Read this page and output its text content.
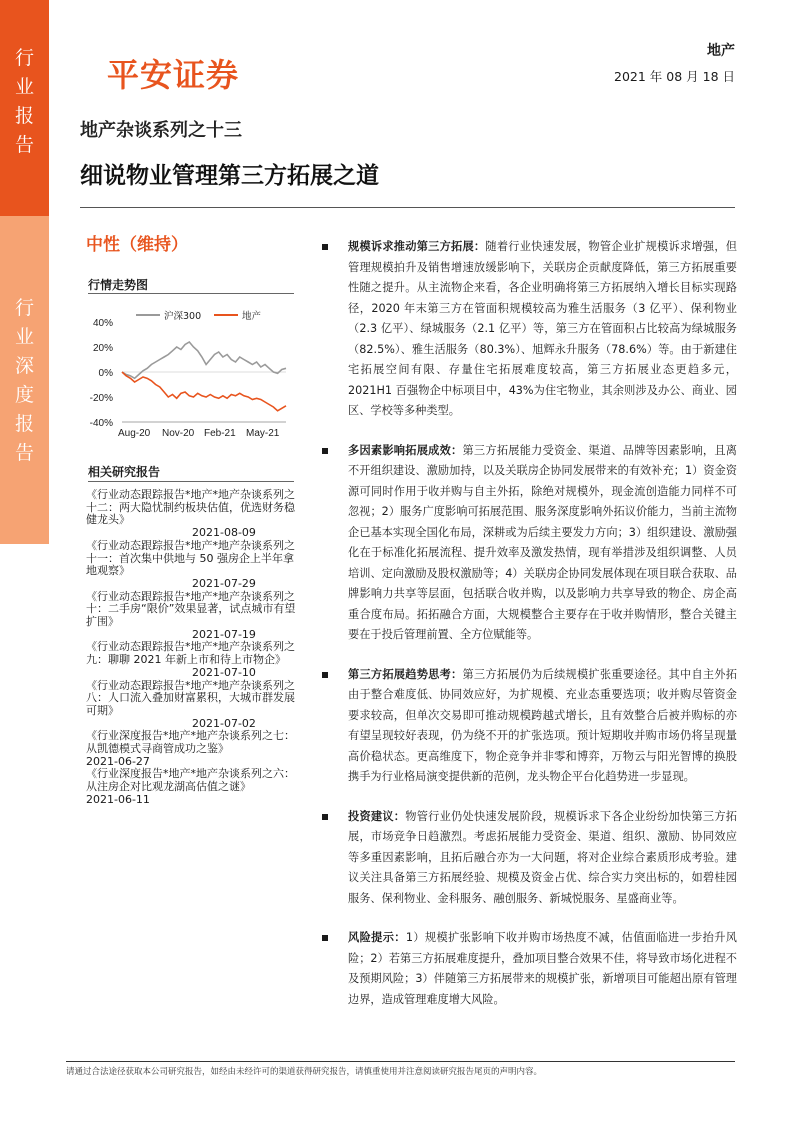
行
业
报
告
行
业
深
度
报
告
平安证券
地产
2021 年 08 月 18 日
地产杂谈系列之十三
细说物业管理第三方拓展之道
中性（维持）
行情走势图
沪深300	地产
40%
20%
0%
-20%
-40%
Aug-20 Nov-20 Feb-21 May-21
相关研究报告
《行业动态跟踪报告*地产*地产杂谈系列之十二：两大隐忧制约板块估值，优选财务稳健龙头》
2021-08-09
《行业动态跟踪报告*地产*地产杂谈系列之十一：首次集中供地与 50 强房企上半年拿地观察》
2021-07-29
《行业动态跟踪报告*地产*地产杂谈系列之十：二手房“限价”效果显著，试点城市有望扩围》
2021-07-19
《行业动态跟踪报告*地产*地产杂谈系列之九：聊聊 2021 年新上市和待上市物企》
2021-07-10
《行业动态跟踪报告*地产*地产杂谈系列之八：人口流入叠加财富累积，大城市群发展可期》
2021-07-02
《行业深度报告*地产*地产杂谈系列之七：从凯德模式寻商管成功之鉴》
2021-06-27
《行业深度报告*地产*地产杂谈系列之六：从注房企对比观龙湖高估值之谜》
2021-06-11
规模诉求推动第三方拓展：随着行业快速发展，物管企业扩规模诉求增强，但管理规模拍升及销售增速放缓影响下，关联房企贡献度降低，第三方拓展重要性随之提升。从主流物企来看，各企业明确将第三方拓展纳入增长目标实现路径，2020 年末第三方在管面积规模较高为雅生活服务（3 亿平）、保利物业（2.3 亿平）、绿城服务（2.1 亿平）等，第三方在管面积占比较高为绿城服务（82.5%）、雅生活服务（80.3%）、旭辉永升服务（78.6%）等。由于新建住宅拓展空间有限、存量住宅拓展难度较高，第三方拓展业态更趋多元，2021H1 百强物企中标项目中，43%为住宅物业，其余则涉及办公、商业、园区、学校等多种类型。
多因素影响拓展成效：第三方拓展能力受资金、渠道、品牌等因素影响，且离不开组织建设、激励加持，以及关联房企协同发展带来的有效补充；1）资金资源可同时作用于收并购与自主外拓，除绝对规模外，现金流创造能力同样不可忽视；2）服务广度影响可拓展范围、服务深度影响外拓议价能力，当前主流物企已基本实现全国化布局，深耕或为后续主要发力方向；3）组织建设、激励强化在于标准化拓展流程、提升效率及激发热情，现有举措涉及组织调整、人员培训、定向激励及股权激励等；4）关联房企协同发展体现在项目联合获取、品牌影响力共享等层面，包括联合收并购，以及影响力共享导致的物企、房企高重合度布局。拓拓融合方面，大规模整合主要存在于收并购情形，整合关键主要在于投后管理前置、全方位赋能等。
第三方拓展趋势思考：第三方拓展仍为后续规模扩张重要途径。其中自主外拓由于整合难度低、协同效应好，为扩规模、充业态重要选项；收并购尽管资金要求较高，但单次交易即可推动规模跨越式增长，且有效整合后被并购标的亦有望呈现较好表现，仍为绕不开的扩张选项。预计短期收并购市场仍将呈现量高价稳状态。更高维度下，物企竞争并非零和博弈，万物云与阳光智博的换股携手为行业格局演变提供新的范例，龙头物企平台化趋势进一步显现。
投资建议：物管行业仍处快速发展阶段，规模诉求下各企业纷纷加快第三方拓展，市场竞争日趋激烈。考虑拓展能力受资金、渠道、组织、激励、协同效应等多重因素影响，且拓后融合亦为一大问题，将对企业综合素质形成考验。建议关注具备第三方拓展经验、规模及资金占优、综合实力突出标的，如碧桂园服务、保利物业、金科服务、融创服务、新城悦服务、星盛商业等。
风险提示：1）规模扩张影响下收并购市场热度不减，估值面临进一步抬升风险；2）若第三方拓展难度提升，叠加项目整合效果不佳，将导致市场化进程不及预期风险；3）伴随第三方拓展带来的规模扩张，新增项目可能超出原有管理边界，造成管理难度增大风险。
请通过合法途径获取本公司研究报告，如经由未经许可的渠道获得研究报告，请慎重使用并注意阅读研究报告尾页的声明内容。
